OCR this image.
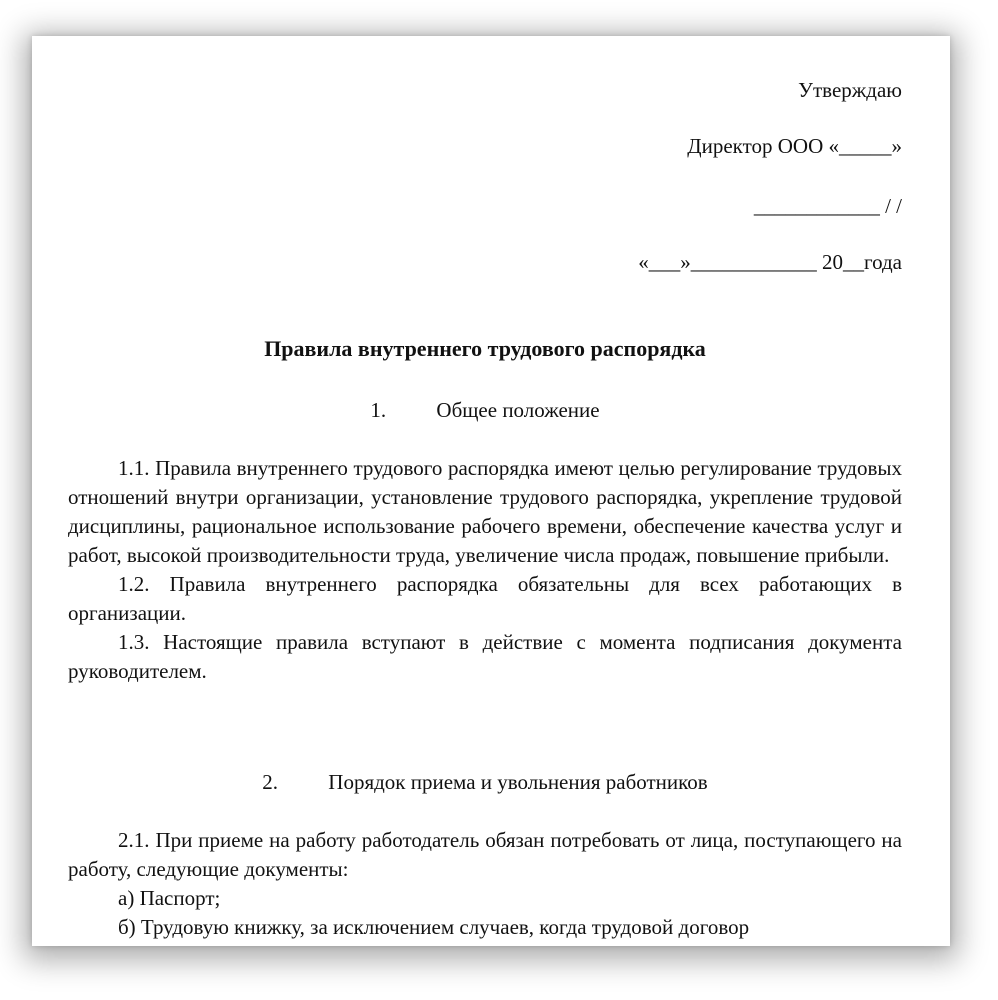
Утверждаю
Директор ООО «_____»
____________ / /
«___»____________ 20__года
Правила внутреннего трудового распорядка
1. Общее положение

1.1. Правила внутреннего трудового распорядка имеют целью регулирование трудовых отношений внутри организации, установление трудового распорядка, укрепление трудовой дисциплины, рациональное использование рабочего времени, обеспечение качества услуг и работ, высокой производительности труда, увеличение числа продаж, повышение прибыли.

1.2. Правила внутреннего распорядка обязательны для всех работающих в организации.

1.3. Настоящие правила вступают в действие с момента подписания документа руководителем.

2. Порядок приема и увольнения работников

2.1. При приеме на работу работодатель обязан потребовать от лица, поступающего на работу, следующие документы:

а) Паспорт;

б) Трудовую книжку, за исключением случаев, когда трудовой договор
